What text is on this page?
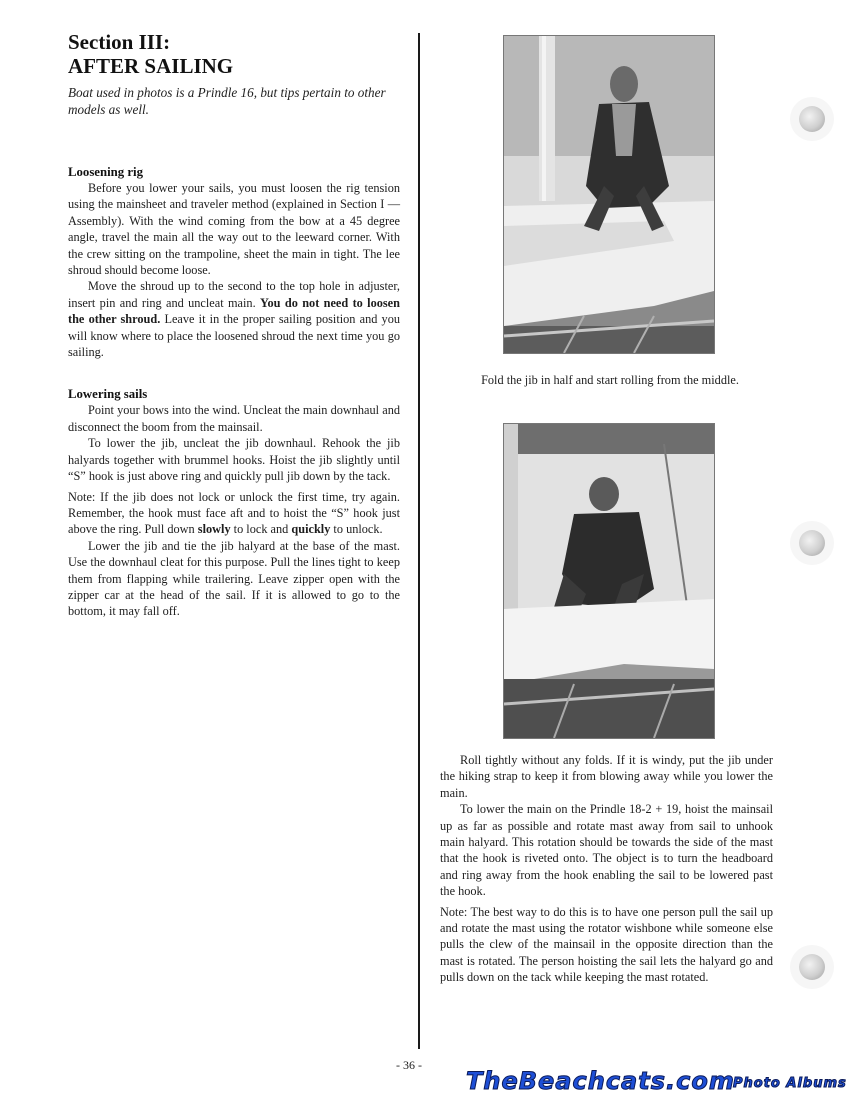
Section III:
AFTER SAILING
Boat used in photos is a Prindle 16, but tips pertain to other models as well.
Loosening rig

Before you lower your sails, you must loosen the rig tension using the mainsheet and traveler method (explained in Section I — Assembly). With the wind coming from the bow at a 45 degree angle, travel the main all the way out to the leeward corner. With the crew sitting on the trampoline, sheet the main in tight. The lee shroud should become loose.

Move the shroud up to the second to the top hole in adjuster, insert pin and ring and uncleat main. You do not need to loosen the other shroud. Leave it in the proper sailing position and you will know where to place the loosened shroud the next time you go sailing.

Lowering sails

Point your bows into the wind. Uncleat the main downhaul and disconnect the boom from the mainsail.

To lower the jib, uncleat the jib downhaul. Rehook the jib halyards together with brummel hooks. Hoist the jib slightly until “S” hook is just above ring and quickly pull jib down by the tack.

Note: If the jib does not lock or unlock the first time, try again. Remember, the hook must face aft and to hoist the “S” hook just above the ring. Pull down slowly to lock and quickly to unlock.

Lower the jib and tie the jib halyard at the base of the mast. Use the downhaul cleat for this purpose. Pull the lines tight to keep them from flapping while trailering. Leave zipper open with the zipper car at the head of the sail. If it is allowed to go to the bottom, it may fall off.

Fold the jib in half and start rolling from the middle.

Roll tightly without any folds. If it is windy, put the jib under the hiking strap to keep it from blowing away while you lower the main.

To lower the main on the Prindle 18-2 + 19, hoist the mainsail up as far as possible and rotate mast away from sail to unhook main halyard. This rotation should be towards the side of the mast that the hook is riveted onto. The object is to turn the headboard and ring away from the hook enabling the sail to be lowered past the hook.

Note: The best way to do this is to have one person pull the sail up and rotate the mast using the rotator wishbone while someone else pulls the clew of the mainsail in the opposite direction than the mast is rotated. The person hoisting the sail lets the halyard go and pulls down on the tack while keeping the mast rotated.

- 36 -
TheBeachcats.com
Photo Albums
